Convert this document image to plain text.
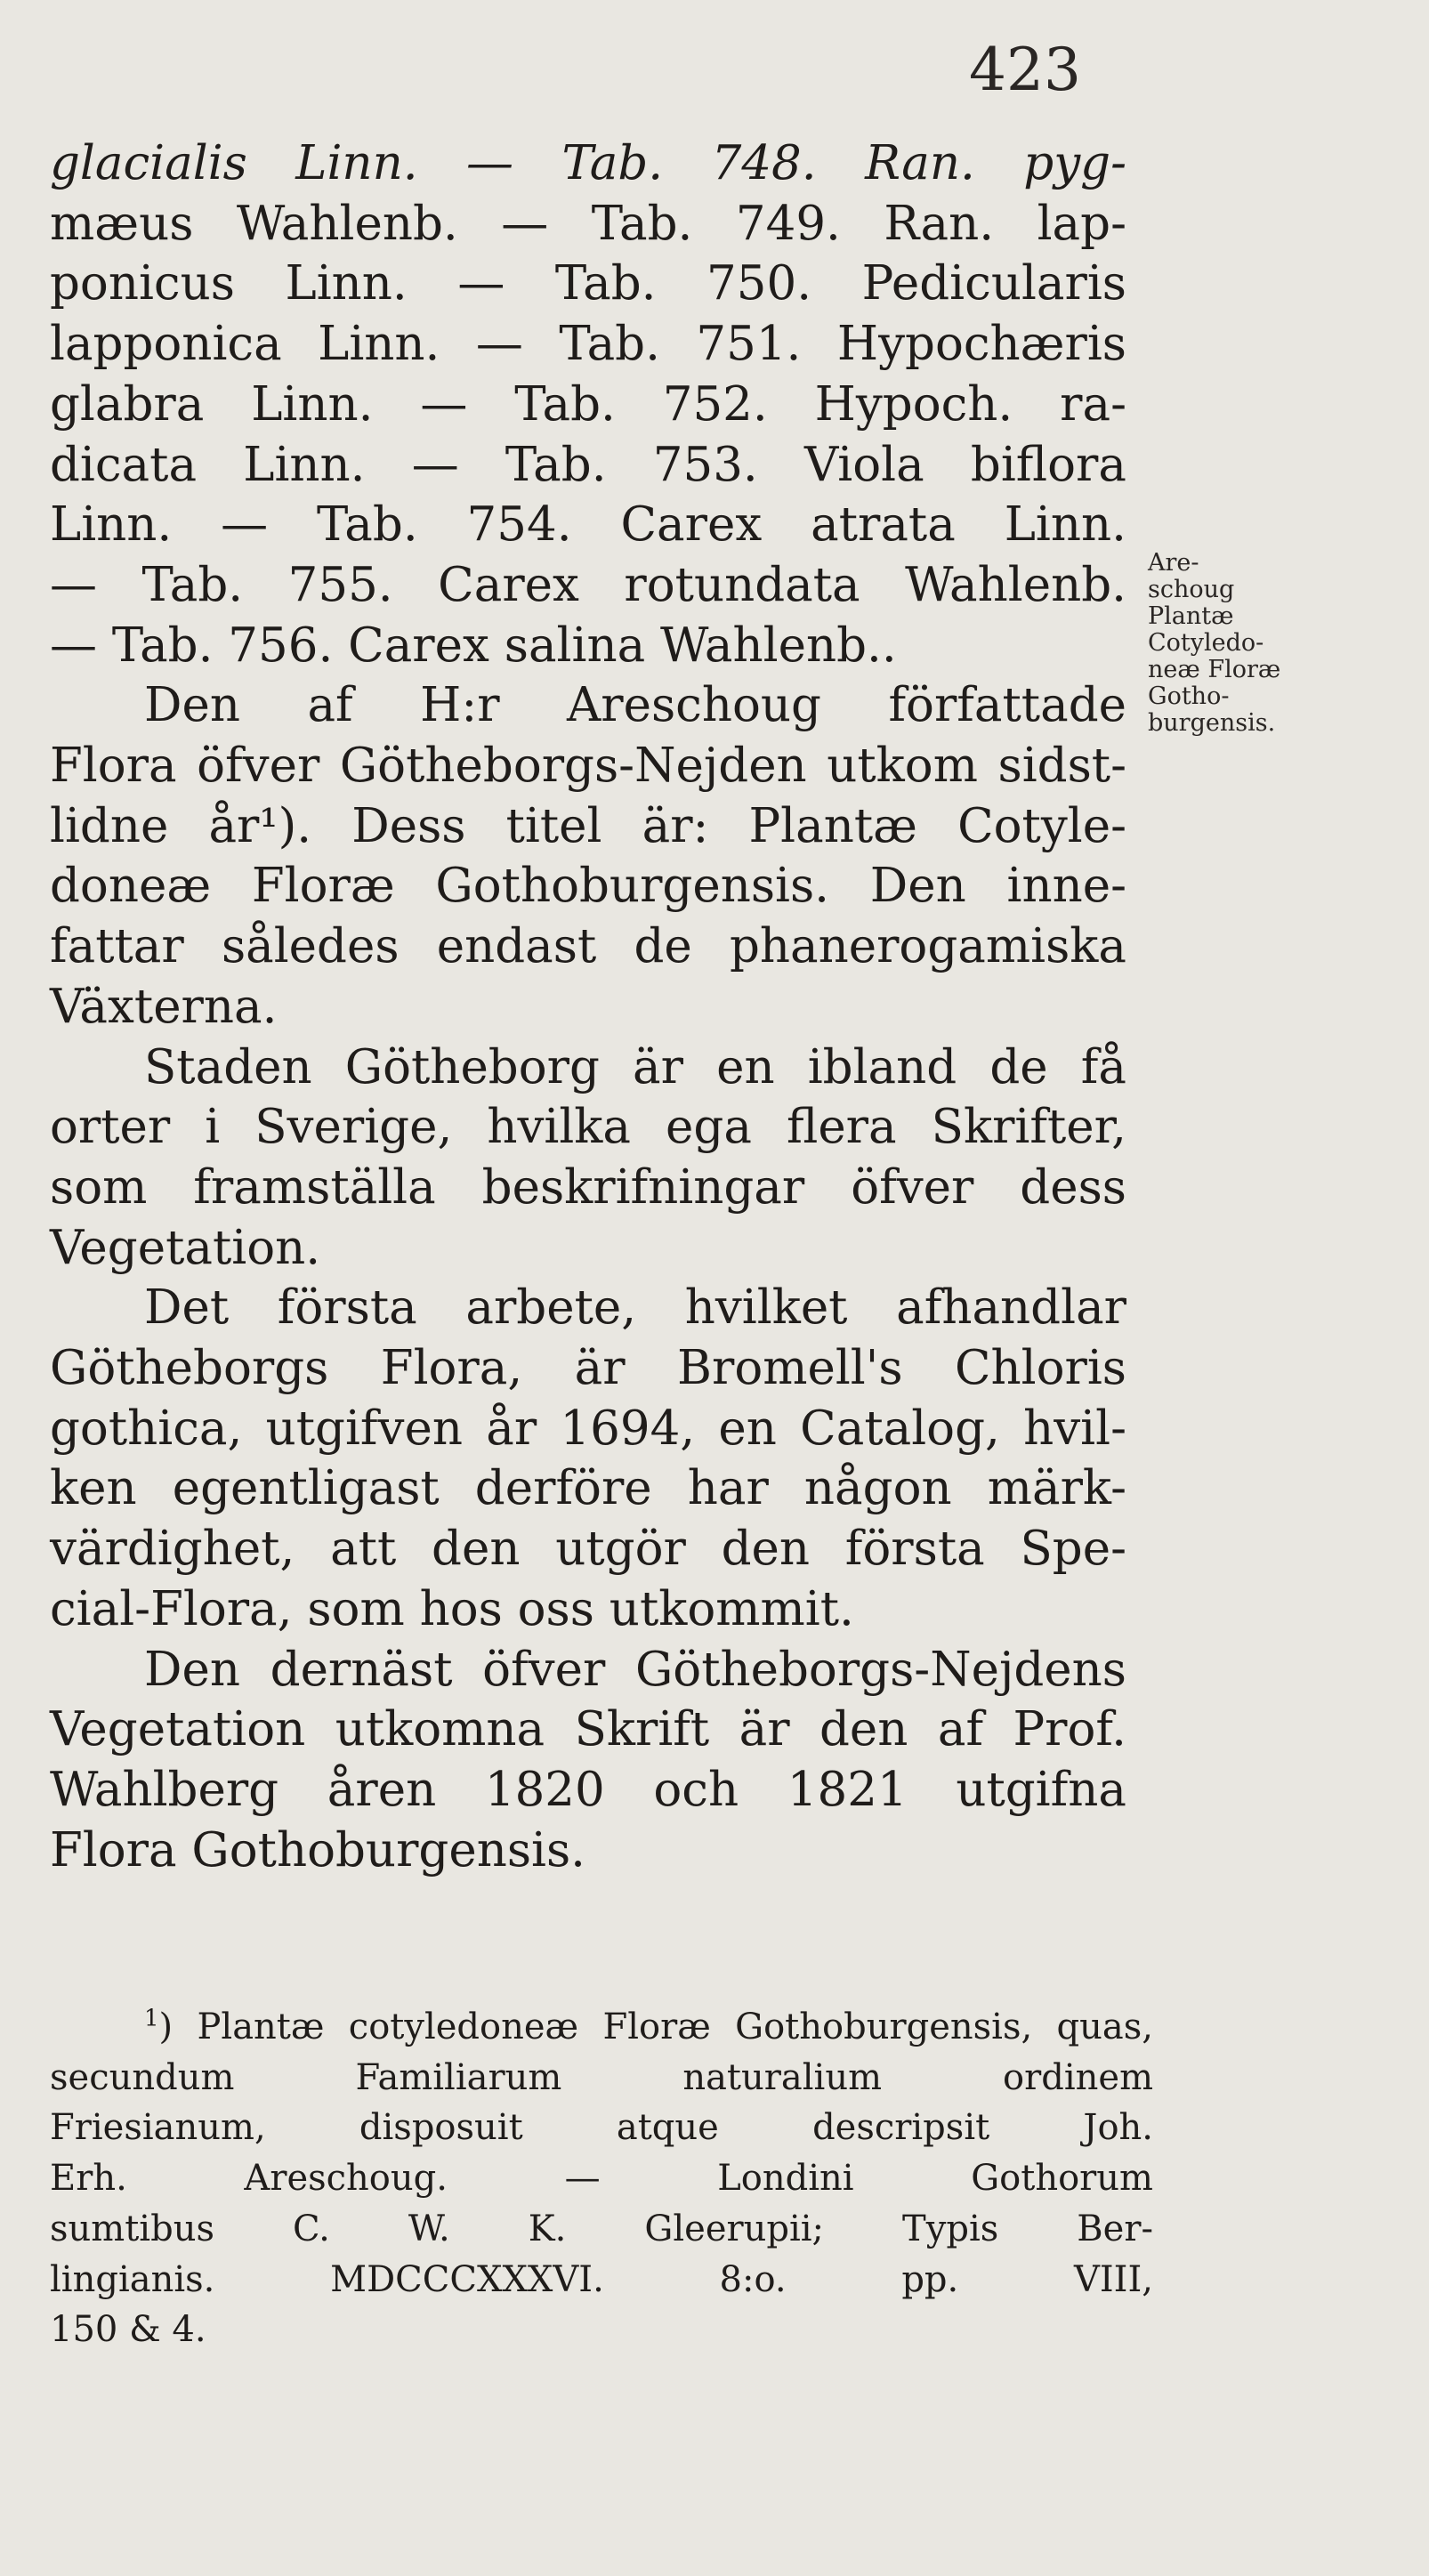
423

glacialis Linn. — Tab. 748. Ran. pyg-

mæus Wahlenb. — Tab. 749. Ran. lap-

ponicus Linn. — Tab. 750. Pedicularis

lapponica Linn. — Tab. 751. Hypochæris

glabra Linn. — Tab. 752. Hypoch. ra-

dicata Linn. — Tab. 753. Viola biflora

Linn. — Tab. 754. Carex atrata Linn.

— Tab. 755. Carex rotundata Wahlenb.

— Tab. 756. Carex salina Wahlenb..

Den af H:r Areschoug författade

Flora öfver Götheborgs-Nejden utkom sidst-

lidne år¹). Dess titel är: Plantæ Cotyle-

doneæ Floræ Gothoburgensis. Den inne-

fattar således endast de phanerogamiska

Växterna.

Staden Götheborg är en ibland de få

orter i Sverige, hvilka ega flera Skrifter,

som framställa beskrifningar öfver dess

Vegetation.

Det första arbete, hvilket afhandlar

Götheborgs Flora, är Bromell's Chloris

gothica, utgifven år 1694, en Catalog, hvil-

ken egentligast derföre har någon märk-

värdighet, att den utgör den första Spe-

cial-Flora, som hos oss utkommit.

Den dernäst öfver Götheborgs-Nejdens

Vegetation utkomna Skrift är den af Prof.

Wahlberg åren 1820 och 1821 utgifna

Flora Gothoburgensis.

Are-
schoug
Plantæ
Cotyledo-
neæ Floræ
Gotho-
burgensis.

$^1$) Plantæ cotyledoneæ Floræ Gothoburgensis, quas,

secundum Familiarum naturalium ordinem

Friesianum, disposuit atque descripsit Joh.

Erh. Areschoug. — Londini Gothorum

sumtibus C. W. K. Gleerupii; Typis Ber-

lingianis. MDCCCXXXVI. 8:o. pp. VIII,

150 & 4.
